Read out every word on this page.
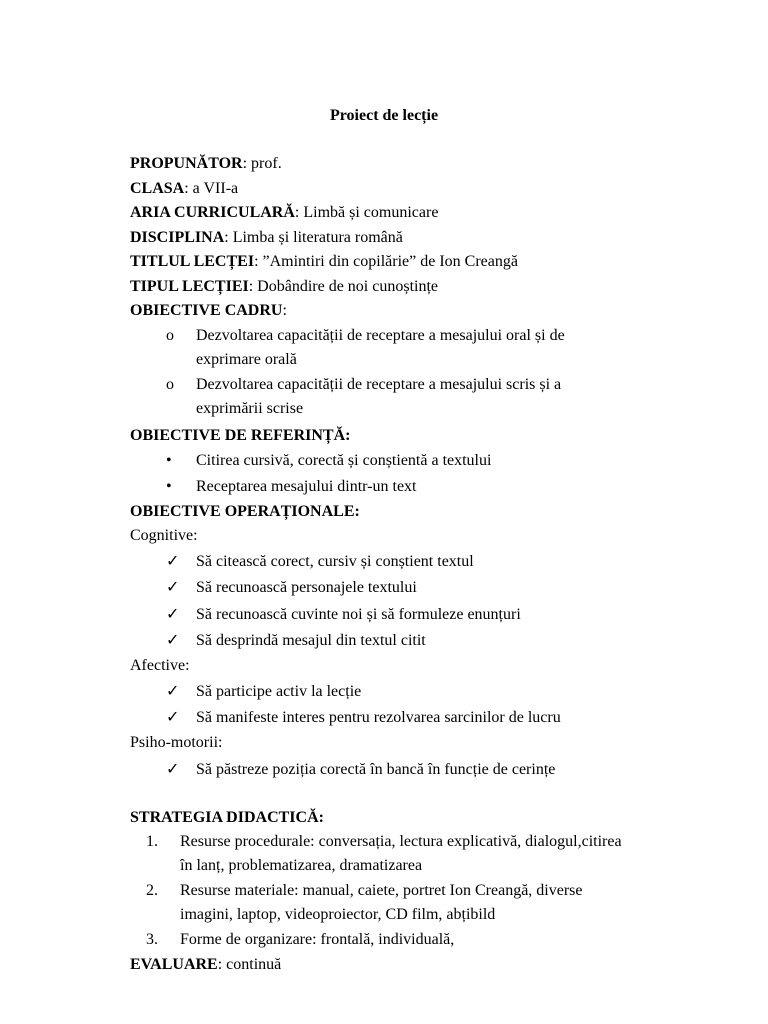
Proiect de lecție
PROPUNĂTOR: prof.
CLASA: a VII-a
ARIA CURRICULARĂ: Limbă și comunicare
DISCIPLINA: Limba și literatura română
TITLUL LECȚEI: ”Amintiri din copilărie” de Ion Creangă
TIPUL LECȚIEI: Dobândire de noi cunoștințe
OBIECTIVE CADRU:
o Dezvoltarea capacității de receptare a mesajului oral și de
exprimare orală
o Dezvoltarea capacității de receptare a mesajului scris și a
exprimării scrise
OBIECTIVE DE REFERINȚĂ:
• Citirea cursivă, corectă și conștientă a textului
• Receptarea mesajului dintr-un text
OBIECTIVE OPERAȚIONALE:
Cognitive:
✓ Să citească corect, cursiv și conștient textul
✓ Să recunoască personajele textului
✓ Să recunoască cuvinte noi și să formuleze enunțuri
✓ Să desprindă mesajul din textul citit
Afective:
✓ Să participe activ la lecție
✓ Să manifeste interes pentru rezolvarea sarcinilor de lucru
Psiho-motorii:
✓ Să păstreze poziția corectă în bancă în funcție de cerințe
STRATEGIA DIDACTICĂ:
1. Resurse procedurale: conversația, lectura explicativă, dialogul,citirea
în lanț, problematizarea, dramatizarea
2. Resurse materiale: manual, caiete, portret Ion Creangă, diverse
imagini, laptop, videoproiector, CD film, abțibild
3. Forme de organizare: frontală, individuală,
EVALUARE: continuă
